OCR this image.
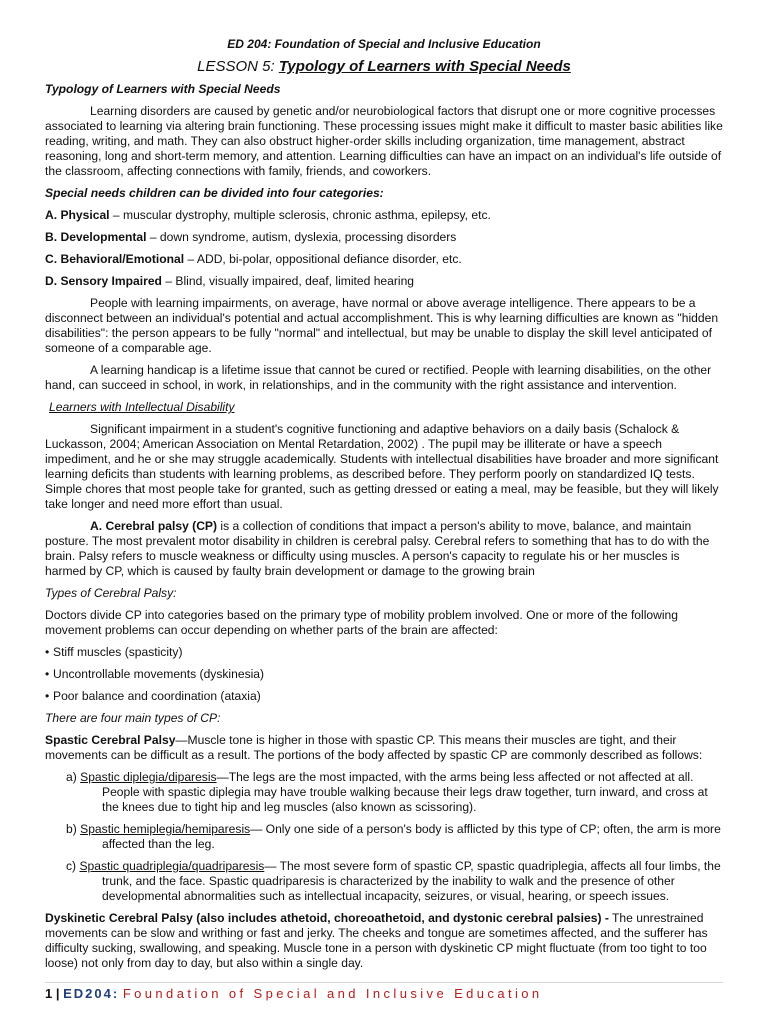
ED 204: Foundation of Special and Inclusive Education
LESSON 5: Typology of Learners with Special Needs

Typology of Learners with Special Needs

Learning disorders are caused by genetic and/or neurobiological factors that disrupt one or more cognitive processes associated to learning via altering brain functioning. These processing issues might make it difficult to master basic abilities like reading, writing, and math. They can also obstruct higher-order skills including organization, time management, abstract reasoning, long and short-term memory, and attention. Learning difficulties can have an impact on an individual's life outside of the classroom, affecting connections with family, friends, and coworkers.

Special needs children can be divided into four categories:

A. Physical – muscular dystrophy, multiple sclerosis, chronic asthma, epilepsy, etc.

B. Developmental – down syndrome, autism, dyslexia, processing disorders

C. Behavioral/Emotional – ADD, bi-polar, oppositional defiance disorder, etc.

D. Sensory Impaired – Blind, visually impaired, deaf, limited hearing

People with learning impairments, on average, have normal or above average intelligence. There appears to be a disconnect between an individual's potential and actual accomplishment. This is why learning difficulties are known as "hidden disabilities": the person appears to be fully "normal" and intellectual, but may be unable to display the skill level anticipated of someone of a comparable age.

A learning handicap is a lifetime issue that cannot be cured or rectified. People with learning disabilities, on the other hand, can succeed in school, in work, in relationships, and in the community with the right assistance and intervention.

Learners with Intellectual Disability

Significant impairment in a student's cognitive functioning and adaptive behaviors on a daily basis (Schalock & Luckasson, 2004; American Association on Mental Retardation, 2002) . The pupil may be illiterate or have a speech impediment, and he or she may struggle academically. Students with intellectual disabilities have broader and more significant learning deficits than students with learning problems, as described before. They perform poorly on standardized IQ tests. Simple chores that most people take for granted, such as getting dressed or eating a meal, may be feasible, but they will likely take longer and need more effort than usual.

A. Cerebral palsy (CP) is a collection of conditions that impact a person's ability to move, balance, and maintain posture. The most prevalent motor disability in children is cerebral palsy. Cerebral refers to something that has to do with the brain. Palsy refers to muscle weakness or difficulty using muscles. A person's capacity to regulate his or her muscles is harmed by CP, which is caused by faulty brain development or damage to the growing brain

Types of Cerebral Palsy:

Doctors divide CP into categories based on the primary type of mobility problem involved. One or more of the following movement problems can occur depending on whether parts of the brain are affected:

• Stiff muscles (spasticity)

• Uncontrollable movements (dyskinesia)

• Poor balance and coordination (ataxia)

There are four main types of CP:

Spastic Cerebral Palsy—Muscle tone is higher in those with spastic CP. This means their muscles are tight, and their movements can be difficult as a result. The portions of the body affected by spastic CP are commonly described as follows:

a) Spastic diplegia/diparesis—The legs are the most impacted, with the arms being less affected or not affected at all. People with spastic diplegia may have trouble walking because their legs draw together, turn inward, and cross at the knees due to tight hip and leg muscles (also known as scissoring).

b) Spastic hemiplegia/hemiparesis— Only one side of a person's body is afflicted by this type of CP; often, the arm is more affected than the leg.

c) Spastic quadriplegia/quadriparesis— The most severe form of spastic CP, spastic quadriplegia, affects all four limbs, the trunk, and the face. Spastic quadriparesis is characterized by the inability to walk and the presence of other developmental abnormalities such as intellectual incapacity, seizures, or visual, hearing, or speech issues.

Dyskinetic Cerebral Palsy (also includes athetoid, choreoathetoid, and dystonic cerebral palsies) - The unrestrained movements can be slow and writhing or fast and jerky. The cheeks and tongue are sometimes affected, and the sufferer has difficulty sucking, swallowing, and speaking. Muscle tone in a person with dyskinetic CP might fluctuate (from too tight to too loose) not only from day to day, but also within a single day.

1 | ED204: Foundation of Special and Inclusive Education
